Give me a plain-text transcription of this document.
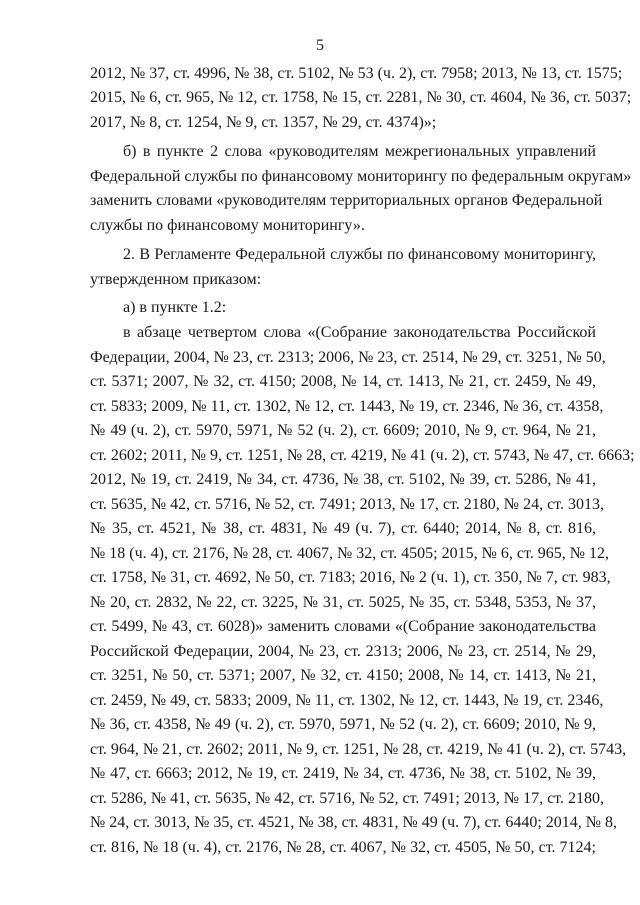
5
2012, № 37, ст. 4996, № 38, ст. 5102, № 53 (ч. 2), ст. 7958; 2013, № 13, ст. 1575;
2015, № 6, ст. 965, № 12, ст. 1758, № 15, ст. 2281, № 30, ст. 4604, № 36, ст. 5037;
2017, № 8, ст. 1254, № 9, ст. 1357, № 29, ст. 4374)»;
б) в пункте 2 слова «руководителям межрегиональных управлений
Федеральной службы по финансовому мониторингу по федеральным округам»
заменить словами «руководителям территориальных органов Федеральной
службы по финансовому мониторингу».
2. В Регламенте Федеральной службы по финансовому мониторингу,
утвержденном приказом:
а) в пункте 1.2:
в абзаце четвертом слова «(Собрание законодательства Российской
Федерации, 2004, № 23, ст. 2313; 2006, № 23, ст. 2514, № 29, ст. 3251, № 50,
ст. 5371; 2007, № 32, ст. 4150; 2008, № 14, ст. 1413, № 21, ст. 2459, № 49,
ст. 5833; 2009, № 11, ст. 1302, № 12, ст. 1443, № 19, ст. 2346, № 36, ст. 4358,
№ 49 (ч. 2), ст. 5970, 5971, № 52 (ч. 2), ст. 6609; 2010, № 9, ст. 964, № 21,
ст. 2602; 2011, № 9, ст. 1251, № 28, ст. 4219, № 41 (ч. 2), ст. 5743, № 47, ст. 6663;
2012, № 19, ст. 2419, № 34, ст. 4736, № 38, ст. 5102, № 39, ст. 5286, № 41,
ст. 5635, № 42, ст. 5716, № 52, ст. 7491; 2013, № 17, ст. 2180, № 24, ст. 3013,
№ 35, ст. 4521, № 38, ст. 4831, № 49 (ч. 7), ст. 6440; 2014, № 8, ст. 816,
№ 18 (ч. 4), ст. 2176, № 28, ст. 4067, № 32, ст. 4505; 2015, № 6, ст. 965, № 12,
ст. 1758, № 31, ст. 4692, № 50, ст. 7183; 2016, № 2 (ч. 1), ст. 350, № 7, ст. 983,
№ 20, ст. 2832, № 22, ст. 3225, № 31, ст. 5025, № 35, ст. 5348, 5353, № 37,
ст. 5499, № 43, ст. 6028)» заменить словами «(Собрание законодательства
Российской Федерации, 2004, № 23, ст. 2313; 2006, № 23, ст. 2514, № 29,
ст. 3251, № 50, ст. 5371; 2007, № 32, ст. 4150; 2008, № 14, ст. 1413, № 21,
ст. 2459, № 49, ст. 5833; 2009, № 11, ст. 1302, № 12, ст. 1443, № 19, ст. 2346,
№ 36, ст. 4358, № 49 (ч. 2), ст. 5970, 5971, № 52 (ч. 2), ст. 6609; 2010, № 9,
ст. 964, № 21, ст. 2602; 2011, № 9, ст. 1251, № 28, ст. 4219, № 41 (ч. 2), ст. 5743,
№ 47, ст. 6663; 2012, № 19, ст. 2419, № 34, ст. 4736, № 38, ст. 5102, № 39,
ст. 5286, № 41, ст. 5635, № 42, ст. 5716, № 52, ст. 7491; 2013, № 17, ст. 2180,
№ 24, ст. 3013, № 35, ст. 4521, № 38, ст. 4831, № 49 (ч. 7), ст. 6440; 2014, № 8,
ст. 816, № 18 (ч. 4), ст. 2176, № 28, ст. 4067, № 32, ст. 4505, № 50, ст. 7124;
